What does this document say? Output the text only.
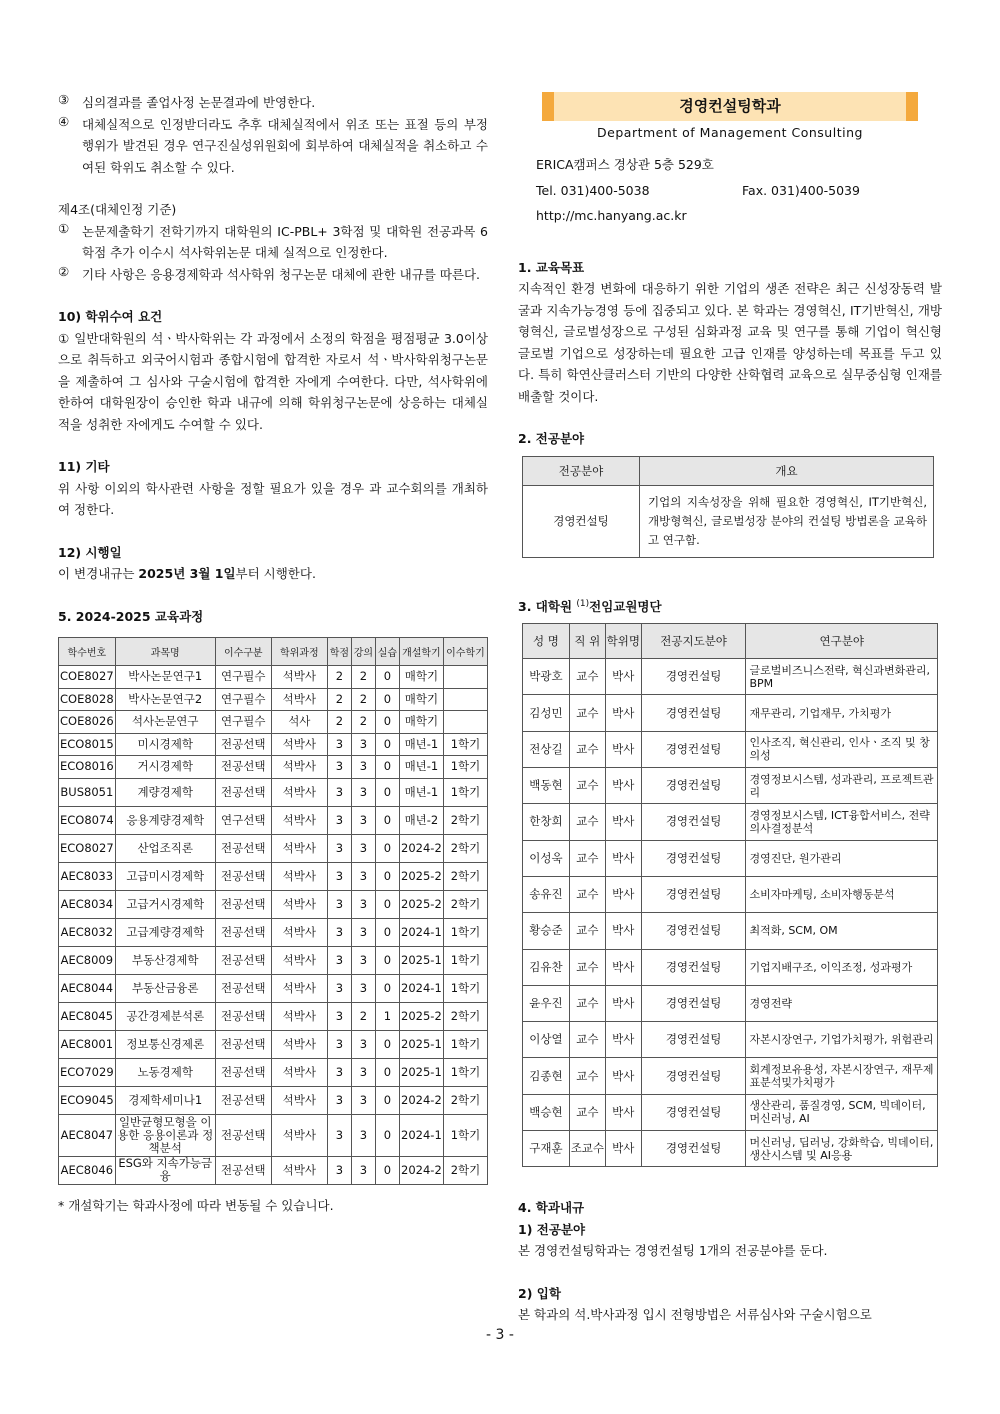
③	심의결과를 졸업사정 논문결과에 반영한다.
④	대체실적으로 인정받더라도 추후 대체실적에서 위조 또는 표절 등의 부정행위가 발견된 경우 연구진실성위원회에 회부하여 대체실적을 취소하고 수여된 학위도 취소할 수 있다.

제4조(대체인정 기준)

①	논문제출학기 전학기까지 대학원의 IC-PBL+ 3학점 및 대학원 전공과목 6학점 추가 이수시 석사학위논문 대체 실적으로 인정한다.
②	기타 사항은 응용경제학과 석사학위 청구논문 대체에 관한 내규를 따른다.

10) 학위수여 요건

① 일반대학원의 석ㆍ박사학위는 각 과정에서 소정의 학점을 평점평균 3.0이상으로 취득하고 외국어시험과 종합시험에 합격한 자로서 석ㆍ박사학위청구논문을 제출하여 그 심사와 구술시험에 합격한 자에게 수여한다. 다만, 석사학위에 한하여 대학원장이 승인한 학과 내규에 의해 학위청구논문에 상응하는 대체실적을 성취한 자에게도 수여할 수 있다.

11) 기타

위 사항 이외의 학사관련 사항을 정할 필요가 있을 경우 과 교수회의를 개최하여 정한다.

12) 시행일

이 변경내규는 2025년 3월 1일부터 시행한다.

5. 2024-2025 교육과정

학수번호	과목명	이수구분	학위과정	학점	강의	실습	개설학기	이수학기
COE8027	박사논문연구1	연구필수	석박사	2	2	0	매학기	
COE8028	박사논문연구2	연구필수	석박사	2	2	0	매학기	
COE8026	석사논문연구	연구필수	석사	2	2	0	매학기	
ECO8015	미시경제학	전공선택	석박사	3	3	0	매년-1	1학기
ECO8016	거시경제학	전공선택	석박사	3	3	0	매년-1	1학기
BUS8051	계량경제학	전공선택	석박사	3	3	0	매년-1	1학기
ECO8074	응용계량경제학	연구선택	석박사	3	3	0	매년-2	2학기
ECO8027	산업조직론	전공선택	석박사	3	3	0	2024-2	2학기
AEC8033	고급미시경제학	전공선택	석박사	3	3	0	2025-2	2학기
AEC8034	고급거시경제학	전공선택	석박사	3	3	0	2025-2	2학기
AEC8032	고급계량경제학	전공선택	석박사	3	3	0	2024-1	1학기
AEC8009	부동산경제학	전공선택	석박사	3	3	0	2025-1	1학기
AEC8044	부동산금융론	전공선택	석박사	3	3	0	2024-1	1학기
AEC8045	공간경제분석론	전공선택	석박사	3	2	1	2025-2	2학기
AEC8001	정보통신경제론	전공선택	석박사	3	3	0	2025-1	1학기
ECO7029	노동경제학	전공선택	석박사	3	3	0	2025-1	1학기
ECO9045	경제학세미나1	전공선택	석박사	3	3	0	2024-2	2학기
AEC8047	일반균형모형을 이용한 응용이론과 정책분석	전공선택	석박사	3	3	0	2024-1	1학기
AEC8046	ESG와 지속가능금융	전공선택	석박사	3	3	0	2024-2	2학기

* 개설학기는 학과사정에 따라 변동될 수 있습니다.

경영컨설팅학과
Department of Management Consulting
ERICA캠퍼스 경상관 5층 529호
Tel. 031)400-5038	Fax. 031)400-5039
http://mc.hanyang.ac.kr

1. 교육목표

지속적인 환경 변화에 대응하기 위한 기업의 생존 전략은 최근 신성장동력 발굴과 지속가능경영 등에 집중되고 있다. 본 학과는 경영혁신, IT기반혁신, 개방형혁신, 글로벌성장으로 구성된 심화과정 교육 및 연구를 통해 기업이 혁신형 글로벌 기업으로 성장하는데 필요한 고급 인재를 양성하는데 목표를 두고 있다. 특히 학연산클러스터 기반의 다양한 산학협력 교육으로 실무중심형 인재를 배출할 것이다.

2. 전공분야

전공분야	개요
경영컨설팅	기업의 지속성장을 위해 필요한 경영혁신, IT기반혁신, 개방형혁신, 글로벌성장 분야의 컨설팅 방법론을 교육하고 연구함.

3. 대학원 $^{(1)}$전임교원명단

성 명	직 위	학위명	전공지도분야	연구분야
박광호	교수	박사	경영컨설팅	글로벌비즈니스전략, 혁신과변화관리, BPM
김성민	교수	박사	경영컨설팅	재무관리, 기업재무, 가치평가
전상길	교수	박사	경영컨설팅	인사조직, 혁신관리, 인사ㆍ조직 및 창의성
백동현	교수	박사	경영컨설팅	경영정보시스템, 성과관리, 프로젝트관리
한창희	교수	박사	경영컨설팅	경영정보시스템, ICT융합서비스, 전략의사결정분석
이성욱	교수	박사	경영컨설팅	경영진단, 원가관리
송유진	교수	박사	경영컨설팅	소비자마케팅, 소비자행동분석
황승준	교수	박사	경영컨설팅	최적화, SCM, OM
김유찬	교수	박사	경영컨설팅	기업지배구조, 이익조정, 성과평가
윤우진	교수	박사	경영컨설팅	경영전략
이상열	교수	박사	경영컨설팅	자본시장연구, 기업가치평가, 위험관리
김종현	교수	박사	경영컨설팅	회계정보유용성, 자본시장연구, 재무제표분석및가치평가
백승현	교수	박사	경영컨설팅	생산관리, 품질경영, SCM, 빅데이터, 머신러닝, AI
구재훈	조교수	박사	경영컨설팅	머신러닝, 딥러닝, 강화학습, 빅데이터, 생산시스템 및 AI응용

4. 학과내규

1) 전공분야

본 경영컨설팅학과는 경영컨설팅 1개의 전공분야를 둔다.

2) 입학

본 학과의 석.박사과정 입시 전형방법은 서류심사와 구술시험으로

- 3 -
